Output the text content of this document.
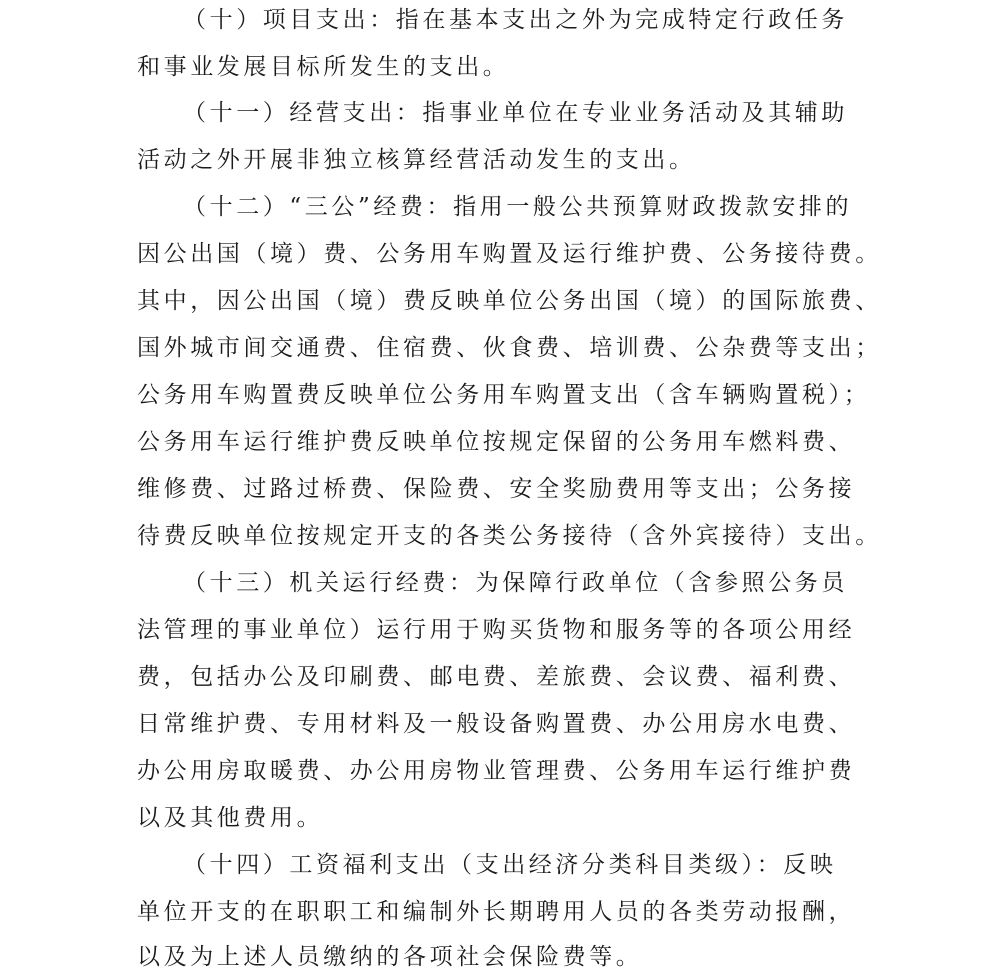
（十）项目支出：指在基本支出之外为完成特定行政任务
和事业发展目标所发生的支出。
（十一）经营支出：指事业单位在专业业务活动及其辅助
活动之外开展非独立核算经营活动发生的支出。
（十二）“三公”经费：指用一般公共预算财政拨款安排的
因公出国（境）费、公务用车购置及运行维护费、公务接待费。
其中，因公出国（境）费反映单位公务出国（境）的国际旅费、
国外城市间交通费、住宿费、伙食费、培训费、公杂费等支出；
公务用车购置费反映单位公务用车购置支出（含车辆购置税）；
公务用车运行维护费反映单位按规定保留的公务用车燃料费、
维修费、过路过桥费、保险费、安全奖励费用等支出；公务接
待费反映单位按规定开支的各类公务接待（含外宾接待）支出。
（十三）机关运行经费：为保障行政单位（含参照公务员
法管理的事业单位）运行用于购买货物和服务等的各项公用经
费，包括办公及印刷费、邮电费、差旅费、会议费、福利费、
日常维护费、专用材料及一般设备购置费、办公用房水电费、
办公用房取暖费、办公用房物业管理费、公务用车运行维护费
以及其他费用。
（十四）工资福利支出（支出经济分类科目类级）：反映
单位开支的在职职工和编制外长期聘用人员的各类劳动报酬，
以及为上述人员缴纳的各项社会保险费等。
